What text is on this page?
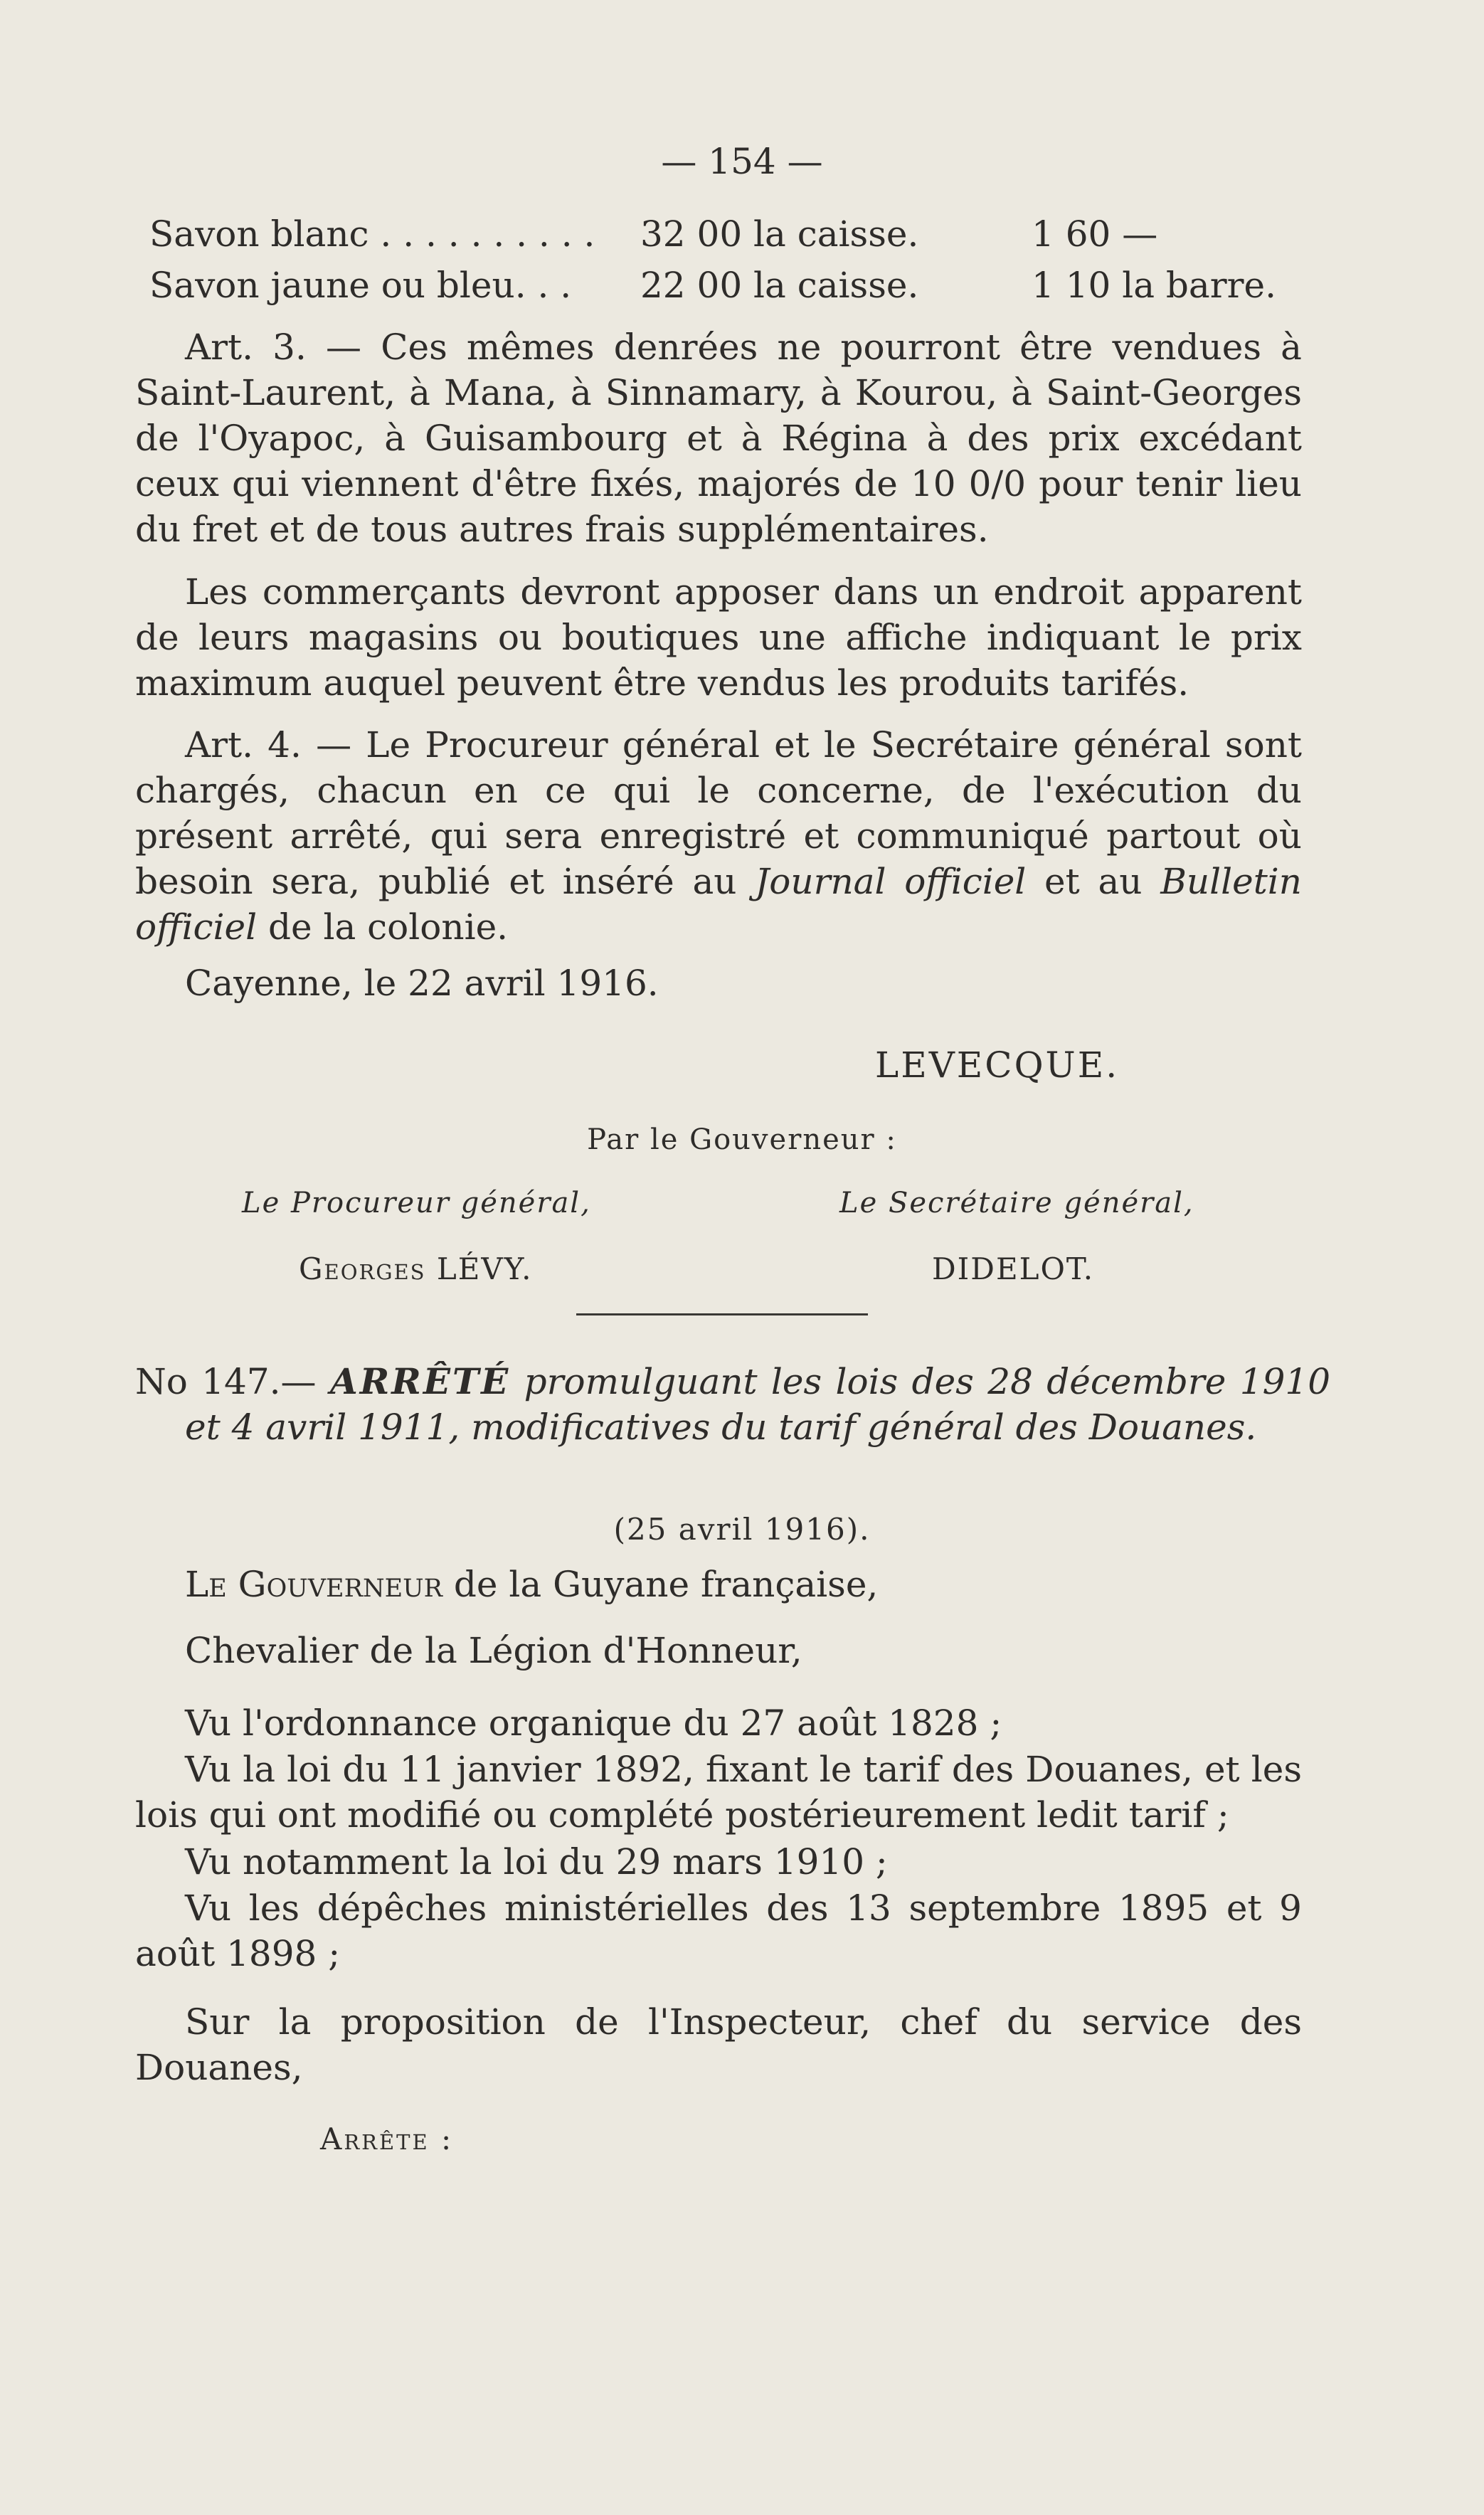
— 154 —
Savon blanc . . . . . . . . . . 32 00 la caisse.	1 60 —
Savon jaune ou bleu. . . 22 00 la caisse.	1 10 la barre.
Art. 3. — Ces mêmes denrées ne pourront être vendues à Saint-Laurent, à Mana, à Sinnamary, à Kourou, à Saint-Georges de l'Oyapoc, à Guisambourg et à Régina à des prix excédant ceux qui viennent d'être fixés, majorés de 10 0/0 pour tenir lieu du fret et de tous autres frais supplémentaires.
Les commerçants devront apposer dans un endroit apparent de leurs magasins ou boutiques une affiche indiquant le prix maximum auquel peuvent être vendus les produits tarifés.
Art. 4. — Le Procureur général et le Secrétaire général sont chargés, chacun en ce qui le concerne, de l'exécution du présent arrêté, qui sera enregistré et communiqué partout où besoin sera, publié et inséré au Journal officiel et au Bulletin officiel de la colonie.
Cayenne, le 22 avril 1916.
LEVECQUE.
Par le Gouverneur :
Le Procureur général,	Le Secrétaire général,
Georges LÉVY.	DIDELOT.
No 147.— ARRÊTÉ promulguant les lois des 28 décembre 1910 et 4 avril 1911, modificatives du tarif général des Douanes.
(25 avril 1916).
Le Gouverneur de la Guyane française,
Chevalier de la Légion d'Honneur,
Vu l'ordonnance organique du 27 août 1828 ;
Vu la loi du 11 janvier 1892, fixant le tarif des Douanes, et les lois qui ont modifié ou complété postérieurement ledit tarif ;
Vu notamment la loi du 29 mars 1910 ;
Vu les dépêches ministérielles des 13 septembre 1895 et 9 août 1898 ;
Sur la proposition de l'Inspecteur, chef du service des Douanes,
Arrête :
